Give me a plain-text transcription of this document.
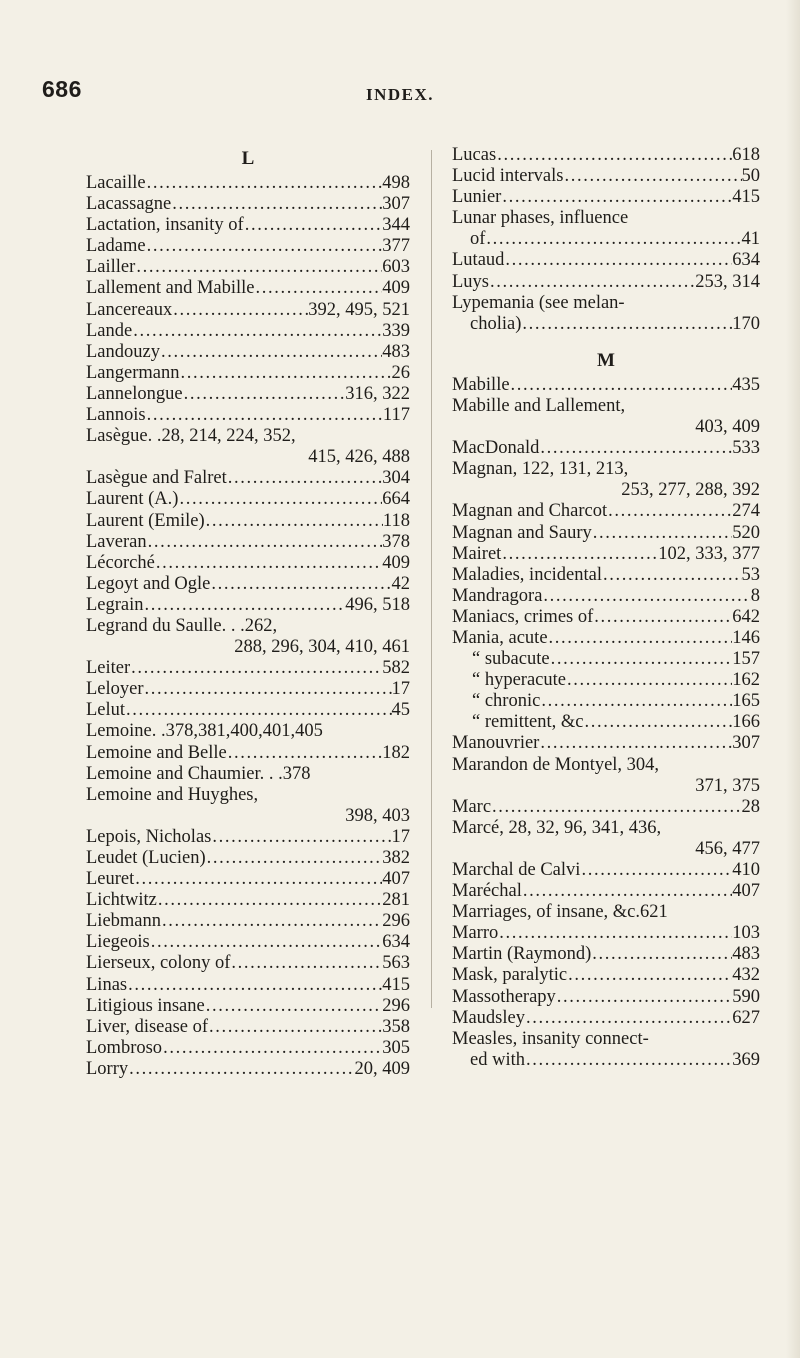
686	INDEX.
L
Lacaille . . .	498
Lacassagne . . .	307
Lactation, insanity of . . .	344
Ladame . . .	377
Lailler . . .	603
Lallement and Mabille . . .	409
Lancereaux . . .	392, 495, 521
Lande . . .	339
Landouzy . . .	483
Langermann . . .	26
Lannelongue . . .	316, 322
Lannois . . .	117
Lasègue. .28, 214, 224, 352,
415, 426, 488
Lasègue and Falret . . .	304
Laurent (A.) . . .	664
Laurent (Emile) . . .	118
Laveran . . .	378
Lécorché . . .	409
Legoyt and Ogle . . .	42
Legrain . . .	496, 518
Legrand du Saulle. . .262,
288, 296, 304, 410, 461
Leiter . . .	582
Leloyer . . .	17
Lelut . . .	45
Lemoine. .378,381,400,401,405
Lemoine and Belle . . .	182
Lemoine and Chaumier. . .378
Lemoine and Huyghes,
398, 403
Lepois, Nicholas . . .	17
Leudet (Lucien) . . .	382
Leuret . . .	407
Lichtwitz . . .	281
Liebmann . . .	296
Liegeois . . .	634
Lierseux, colony of . . .	563
Linas . . .	415
Litigious insane . . .	296
Liver, disease of . . .	358
Lombroso . . .	305
Lorry . . .	20, 409
Lucas . . .	618
Lucid intervals . . .	50
Lunier . . .	415
Lunar phases, influence
of . . .	41
Lutaud . . .	634
Luys . . .	253, 314
Lypemania (see melan-
cholia) . . .	170
M
Mabille . . .	435
Mabille and Lallement,
403, 409
MacDonald . . .	533
Magnan, 122, 131, 213,
253, 277, 288, 392
Magnan and Charcot . . .	274
Magnan and Saury . . .	520
Mairet . . .	102, 333, 377
Maladies, incidental . . .	53
Mandragora . . .	8
Maniacs, crimes of . . .	642
Mania, acute . . .	146
“ subacute . . .	157
“ hyperacute . . .	162
“ chronic . . .	165
“ remittent, &c . . .	166
Manouvrier . . .	307
Marandon de Montyel, 304,
371, 375
Marc . . .	28
Marcé, 28, 32, 96, 341, 436,
456, 477
Marchal de Calvi . . .	410
Maréchal . . .	407
Marriages, of insane, &c.621
Marro . . .	103
Martin (Raymond) . . .	483
Mask, paralytic . . .	432
Massotherapy . . .	590
Maudsley . . .	627
Measles, insanity connect-
ed with . . .	369
